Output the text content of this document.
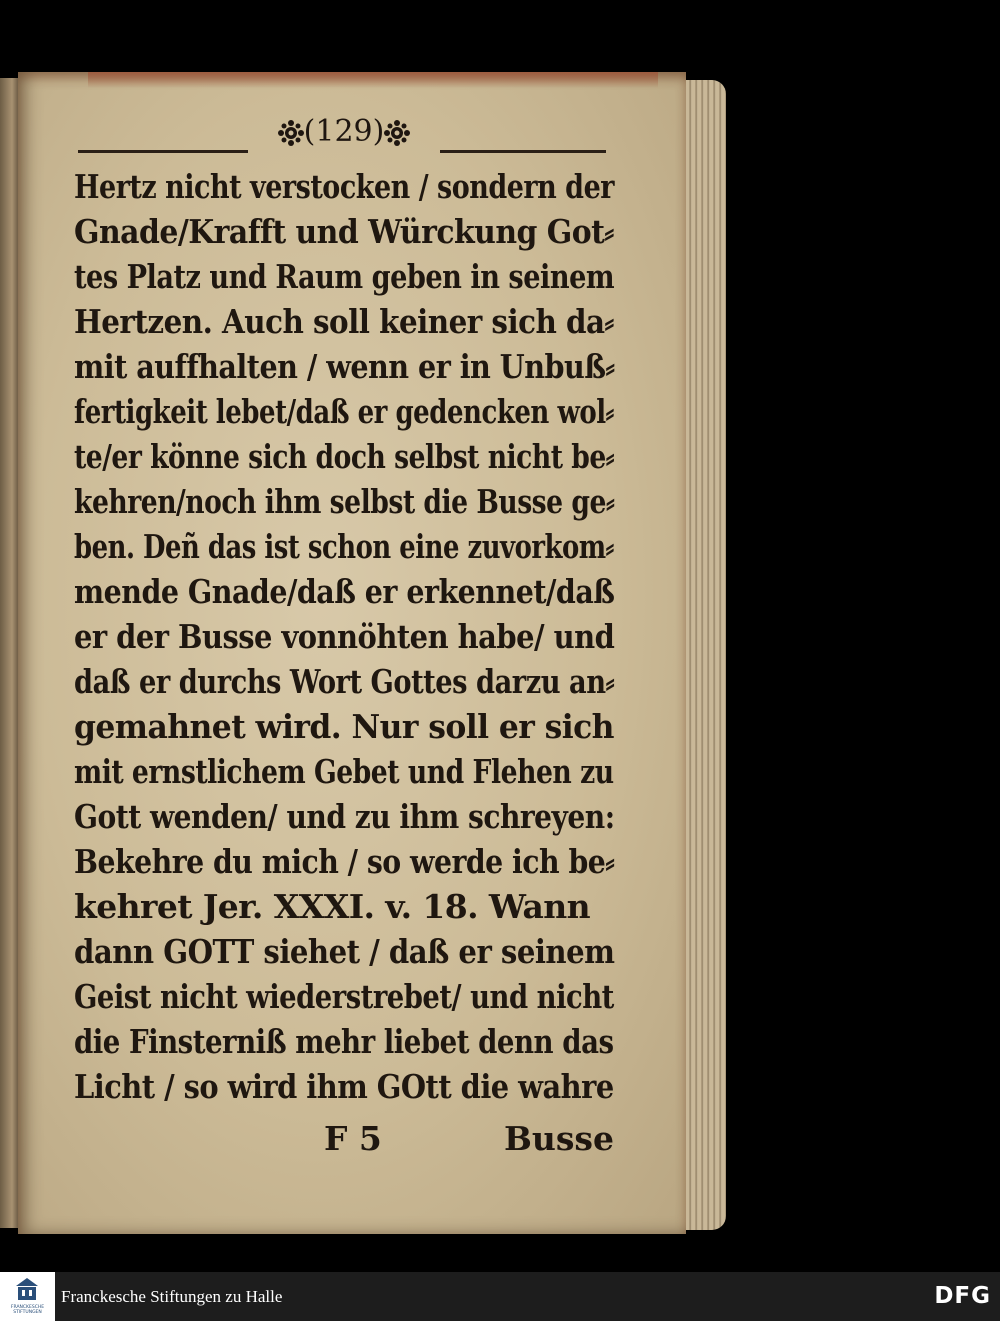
(129)
Hertz nicht verstocken / sondern der
Gnade/Krafft und Würckung Got⸗
tes Platz und Raum geben in seinem
Hertzen. Auch soll keiner sich da⸗
mit auffhalten / wenn er in Unbuß⸗
fertigkeit lebet/daß er gedencken wol⸗
te/er könne sich doch selbst nicht be⸗
kehren/noch ihm selbst die Busse ge⸗
ben. Deñ das ist schon eine zuvorkom⸗
mende Gnade/daß er erkennet/daß
er der Busse vonnöhten habe/ und
daß er durchs Wort Gottes darzu an⸗
gemahnet wird. Nur soll er sich
mit ernstlichem Gebet und Flehen zu
Gott wenden/ und zu ihm schreyen:
Bekehre du mich / so werde ich be⸗
kehret Jer. XXXI. v. 18. Wann
dann GOTT siehet / daß er seinem
Geist nicht wiederstrebet/ und nicht
die Finsterniß mehr liebet denn das
Licht / so wird ihm GOtt die wahre
F 5	Busse
FRANCKESCHE STIFTUNGEN
Franckesche Stiftungen zu Halle	DFG
